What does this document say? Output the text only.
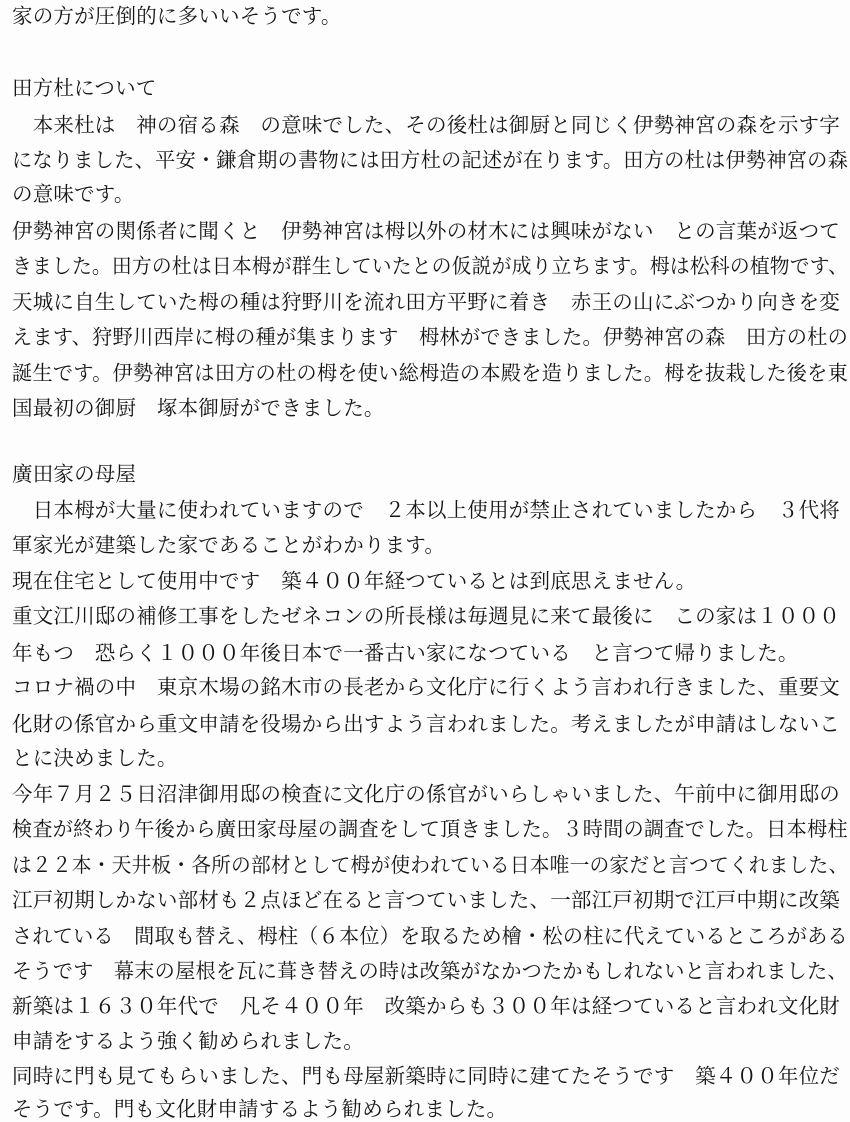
家の方が圧倒的に多いいそうです。
田方杜について
　本来杜は　神の宿る森　の意味でした、その後杜は御厨と同じく伊勢神宮の森を示す字
になりました、平安・鎌倉期の書物には田方杜の記述が在ります。田方の杜は伊勢神宮の森
の意味です。
伊勢神宮の関係者に聞くと　伊勢神宮は栂以外の材木には興味がない　との言葉が返つて
きました。田方の杜は日本栂が群生していたとの仮説が成り立ちます。栂は松科の植物です、
天城に自生していた栂の種は狩野川を流れ田方平野に着き　赤王の山にぶつかり向きを変
えます、狩野川西岸に栂の種が集まります　栂林ができました。伊勢神宮の森　田方の杜の
誕生です。伊勢神宮は田方の杜の栂を使い総栂造の本殿を造りました。栂を抜栽した後を東
国最初の御厨　塚本御厨ができました。
廣田家の母屋
　日本栂が大量に使われていますので　２本以上使用が禁止されていましたから　３代将
軍家光が建築した家であることがわかります。
現在住宅として使用中です　築４００年経つているとは到底思えません。
重文江川邸の補修工事をしたゼネコンの所長様は毎週見に来て最後に　この家は１０００
年もつ　恐らく１０００年後日本で一番古い家になつている　と言つて帰りました。
コロナ禍の中　東京木場の銘木市の長老から文化庁に行くよう言われ行きました、重要文
化財の係官から重文申請を役場から出すよう言われました。考えましたが申請はしないこ
とに決めました。
今年７月２５日沼津御用邸の検査に文化庁の係官がいらしゃいました、午前中に御用邸の
検査が終わり午後から廣田家母屋の調査をして頂きました。３時間の調査でした。日本栂柱
は２２本・天井板・各所の部材として栂が使われている日本唯一の家だと言つてくれました、
江戸初期しかない部材も２点ほど在ると言つていました、一部江戸初期で江戸中期に改築
されている　間取も替え、栂柱（６本位）を取るため檜・松の柱に代えているところがある
そうです　幕末の屋根を瓦に葺き替えの時は改築がなかつたかもしれないと言われました、
新築は１６３０年代で　凡そ４００年　改築からも３００年は経つていると言われ文化財
申請をするよう強く勧められました。
同時に門も見てもらいました、門も母屋新築時に同時に建てたそうです　築４００年位だ
そうです。門も文化財申請するよう勧められました。
